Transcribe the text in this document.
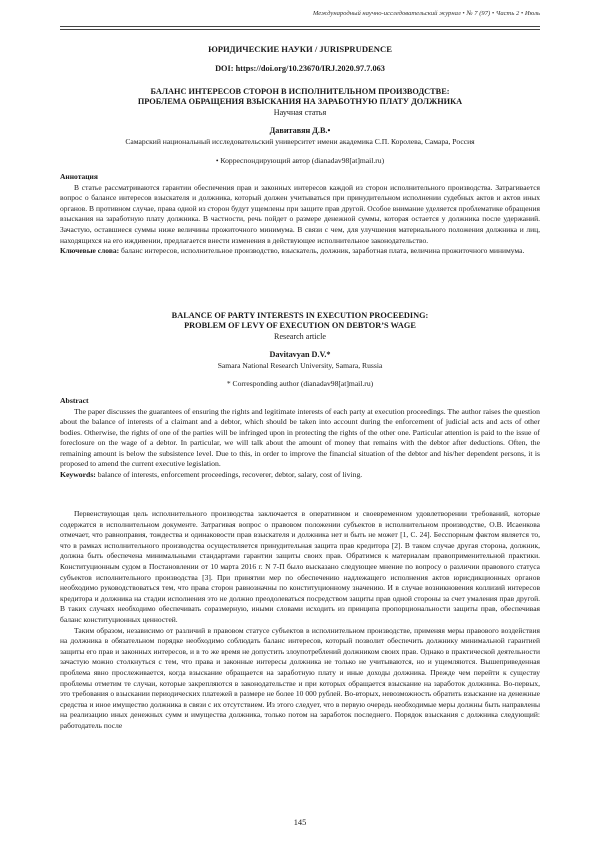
Международный научно-исследовательский журнал • № 7 (97) • Часть 2 • Июль
ЮРИДИЧЕСКИЕ НАУКИ / JURISPRUDENCE
DOI: https://doi.org/10.23670/IRJ.2020.97.7.063
БАЛАНС ИНТЕРЕСОВ СТОРОН В ИСПОЛНИТЕЛЬНОМ ПРОИЗВОДСТВЕ:
ПРОБЛЕМА ОБРАЩЕНИЯ ВЗЫСКАНИЯ НА ЗАРАБОТНУЮ ПЛАТУ ДОЛЖНИКА
Научная статья
Давитавян Д.В.•
Самарский национальный исследовательский университет имени академика С.П. Королева, Самара, Россия
• Корреспондирующий автор (dianadav98[at]mail.ru)

Аннотация

В статье рассматриваются гарантии обеспечения прав и законных интересов каждой из сторон исполнительного производства. Затрагивается вопрос о балансе интересов взыскателя и должника, который должен учитываться при принудительном исполнении судебных актов и актов иных органов. В противном случае, права одной из сторон будут ущемлены при защите прав другой. Особое внимание уделяется проблематике обращения взыскания на заработную плату должника. В частности, речь пойдет о размере денежной суммы, которая остается у должника после удержаний. Зачастую, оставшиеся суммы ниже величины прожиточного минимума. В связи с чем, для улучшения материального положения должника и лиц, находящихся на его иждивении, предлагается внести изменения в действующее исполнительное законодательство.

Ключевые слова: баланс интересов, исполнительное производство, взыскатель, должник, заработная плата, величина прожиточного минимума.

BALANCE OF PARTY INTERESTS IN EXECUTION PROCEEDING:
PROBLEM OF LEVY OF EXECUTION ON DEBTOR’S WAGE
Research article
Davitavyan D.V.*
Samara National Research University, Samara, Russia
* Corresponding author (dianadav98[at]mail.ru)

Abstract

The paper discusses the guarantees of ensuring the rights and legitimate interests of each party at execution proceedings. The author raises the question about the balance of interests of a claimant and a debtor, which should be taken into account during the enforcement of judicial acts and acts of other bodies. Otherwise, the rights of one of the parties will be infringed upon in protecting the rights of the other one. Particular attention is paid to the issue of foreclosure on the wage of a debtor. In particular, we will talk about the amount of money that remains with the debtor after deductions. Often, the remaining amount is below the subsistence level. Due to this, in order to improve the financial situation of the debtor and his/her dependent persons, it is proposed to amend the current executive legislation.

Keywords: balance of interests, enforcement proceedings, recoverer, debtor, salary, cost of living.

Первенствующая цель исполнительного производства заключается в оперативном и своевременном удовлетворении требований, которые содержатся в исполнительном документе. Затрагивая вопрос о правовом положении субъектов в исполнительном производстве, О.В. Исаенкова отмечает, что равноправия, тождества и одинаковости прав взыскателя и должника нет и быть не может [1, С. 24]. Бесспорным фактом является то, что в рамках исполнительного производства осуществляется принудительная защита прав кредитора [2]. В таком случае другая сторона, должник, должна быть обеспечена минимальными стандартами гарантии защиты своих прав. Обратимся к материалам правоприменительной практики. Конституционным судом в Постановлении от 10 марта 2016 г. N 7-П было высказано следующее мнение по вопросу о различии правового статуса субъектов исполнительного производства [3]. При принятии мер по обеспечению надлежащего исполнения актов юрисдикционных органов необходимо руководствоваться тем, что права сторон равнозначны по конституционному значению. И в случае возникновения коллизий интересов кредитора и должника на стадии исполнения это не должно преодолеваться посредством защиты прав одной стороны за счет умаления прав другой. В таких случаях необходимо обеспечивать соразмерную, иными словами исходить из принципа пропорциональности защиты прав, обеспечивая баланс конституционных ценностей.

Таким образом, независимо от различий в правовом статусе субъектов в исполнительном производстве, применяя меры правового воздействия на должника в обязательном порядке необходимо соблюдать баланс интересов, который позволит обеспечить должнику минимальной гарантией защиты его прав и законных интересов, и в то же время не допустить злоупотреблений должником своих прав. Однако в практической деятельности зачастую можно столкнуться с тем, что права и законные интересы должника не только не учитываются, но и ущемляются. Вышеприведенная проблема явно прослеживается, когда взыскание обращается на заработную плату и иные доходы должника. Прежде чем перейти к существу проблемы отметим те случаи, которые закрепляются в законодательстве и при которых обращается взыскание на заработок должника. Во-первых, это требования о взыскании периодических платежей в размере не более 10 000 рублей. Во-вторых, невозможность обратить взыскание на денежные средства и иное имущество должника в связи с их отсутствием. Из этого следует, что в первую очередь необходимые меры должны быть направлены на реализацию иных денежных сумм и имущества должника, только потом на заработок последнего. Порядок взыскания с должника следующий: работодатель после

145
